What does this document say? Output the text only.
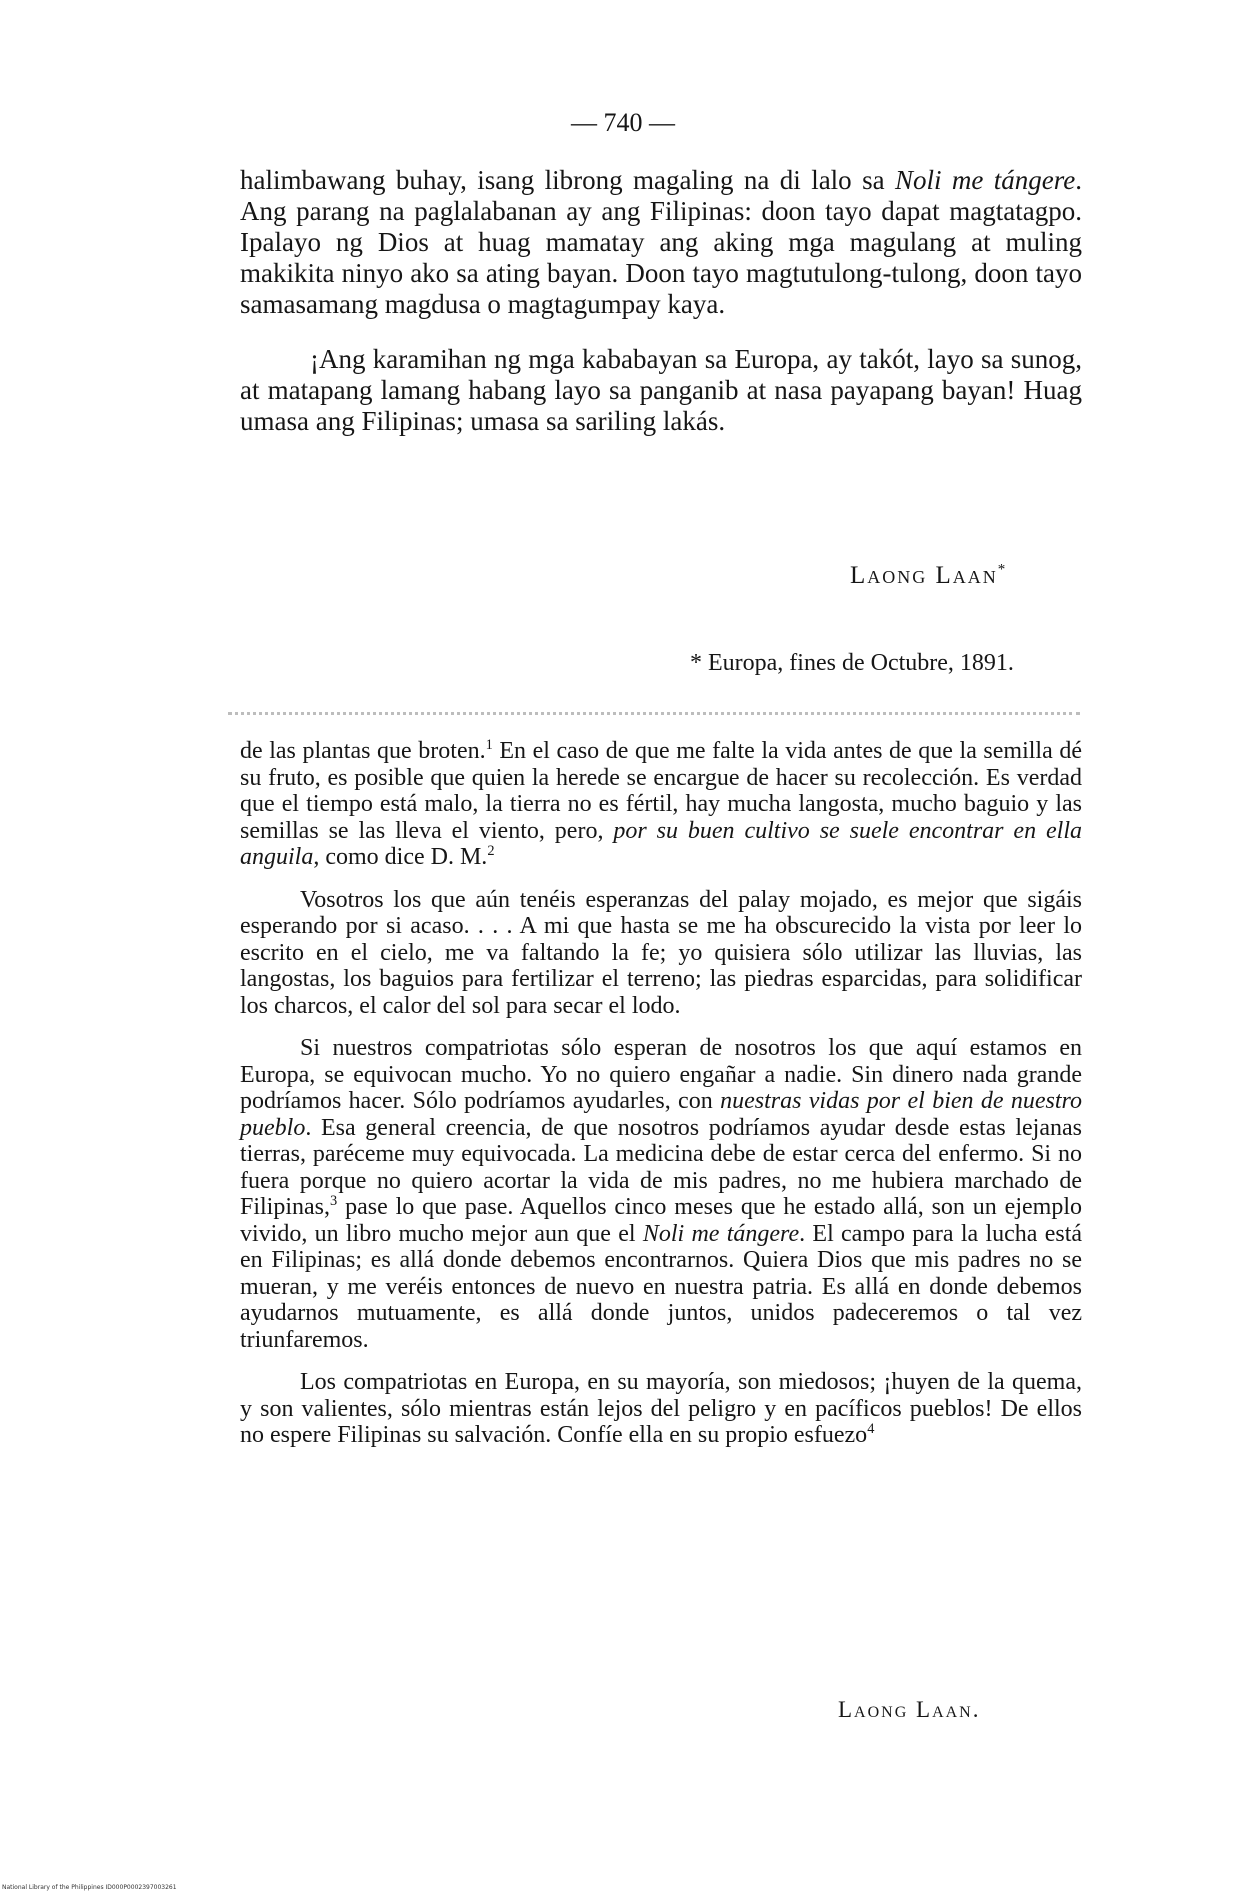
— 740 —

halimbawang buhay, isang librong magaling na di lalo sa Noli me tángere. Ang parang na paglalabanan ay ang Filipinas: doon tayo dapat magtatagpo. Ipalayo ng Dios at huag mamatay ang aking mga magulang at muling makikita ninyo ako sa ating bayan. Doon tayo magtutulong-tulong, doon tayo samasamang magdusa o magtagumpay kaya.

¡Ang karamihan ng mga kababayan sa Europa, ay takót, layo sa sunog, at matapang lamang habang layo sa panganib at nasa payapang bayan! Huag umasa ang Filipinas; umasa sa sariling lakás.

Laong Laan*
* Europa, fines de Octubre, 1891.

de las plantas que broten.$^1$ En el caso de que me falte la vida antes de que la semilla dé su fruto, es posible que quien la herede se encargue de hacer su recolección. Es verdad que el tiempo está malo, la tierra no es fértil, hay mucha langosta, mucho baguio y las semillas se las lleva el viento, pero, por su buen cultivo se suele encontrar en ella anguila, como dice D. M.$^2$

Vosotros los que aún tenéis esperanzas del palay mojado, es mejor que sigáis esperando por si acaso. . . . A mi que hasta se me ha obscurecido la vista por leer lo escrito en el cielo, me va faltando la fe; yo quisiera sólo utilizar las lluvias, las langostas, los baguios para fertilizar el terreno; las piedras esparcidas, para solidificar los charcos, el calor del sol para secar el lodo.

Si nuestros compatriotas sólo esperan de nosotros los que aquí estamos en Europa, se equivocan mucho. Yo no quiero engañar a nadie. Sin dinero nada grande podríamos hacer. Sólo podríamos ayudarles, con nuestras vidas por el bien de nuestro pueblo. Esa general creencia, de que nosotros podríamos ayudar desde estas lejanas tierras, paréceme muy equivocada. La medicina debe de estar cerca del enfermo. Si no fuera porque no quiero acortar la vida de mis padres, no me hubiera marchado de Filipinas,$^3$ pase lo que pase. Aquellos cinco meses que he estado allá, son un ejemplo vivido, un libro mucho mejor aun que el Noli me tángere. El campo para la lucha está en Filipinas; es allá donde debemos encontrarnos. Quiera Dios que mis padres no se mueran, y me veréis entonces de nuevo en nuestra patria. Es allá en donde debemos ayudarnos mutuamente, es allá donde juntos, unidos padeceremos o tal vez triunfaremos.

Los compatriotas en Europa, en su mayoría, son miedosos; ¡huyen de la quema, y son valientes, sólo mientras están lejos del peligro y en pacíficos pueblos! De ellos no espere Filipinas su salvación. Confíe ella en su propio esfuezo$^4$

Laong Laan.
National Library of the Philippines ID000P0002397003261
